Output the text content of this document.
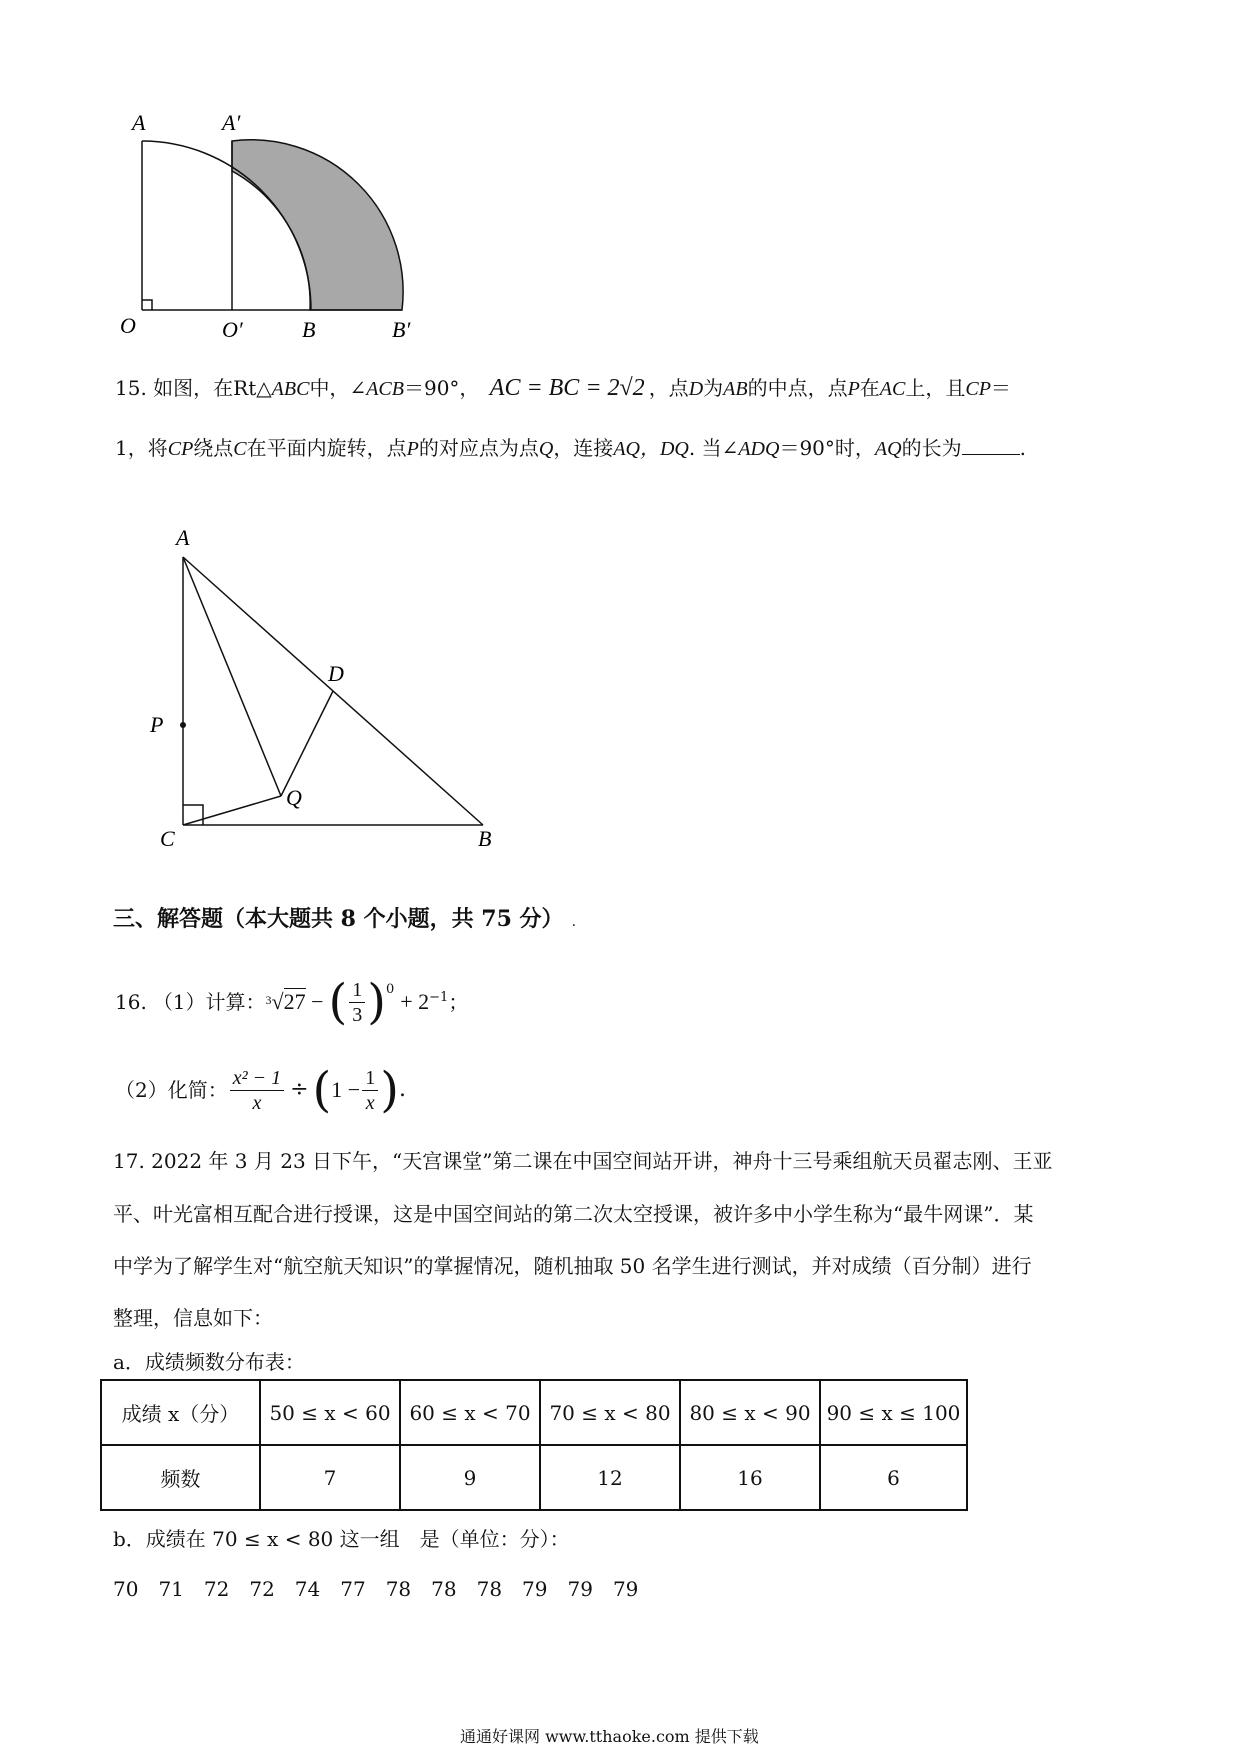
A	A′
O	O′	B	B′
15. 如图，在Rt△ABC中，∠ACB＝90°， AC = BC = 2√2 ，点D为AB的中点，点P在AC上，且CP＝
1，将CP绕点C在平面内旋转，点P的对应点为点Q，连接AQ，DQ. 当∠ADQ＝90°时，AQ的长为	.
A
D
P
Q
C	B
三、解答题（本大题共 8 个小题，共 75 分） .
16. （1）计算： 3 √27 − ( $\frac{1}{3} )^0 + 2^{-1}$ ；
（2）化简： $\frac{\text{x² − 1}}{x}$ ÷ ( $1 - \frac{1}{x}$ ) .
17. 2022 年 3 月 23 日下午，“天宫课堂”第二课在中国空间站开讲，神舟十三号乘组航天员翟志刚、王亚
平、叶光富相互配合进行授课，这是中国空间站的第二次太空授课，被许多中小学生称为“最牛网课”．某
中学为了解学生对“航空航天知识”的掌握情况，随机抽取 50 名学生进行测试，并对成绩（百分制）进行
整理，信息如下：
a．成绩频数分布表：
成绩 x（分）	50 ≤ x < 60	60 ≤ x < 70	70 ≤ x < 80	80 ≤ x < 90	90 ≤ x ≤ 100
频数	7	9	12	16	6
b．成绩在 70 ≤ x < 80 这一组　是（单位：分）：
70　71　72　72　74　77　78　78　78　79　79　79
通通好课网 www.tthaoke.com 提供下载
